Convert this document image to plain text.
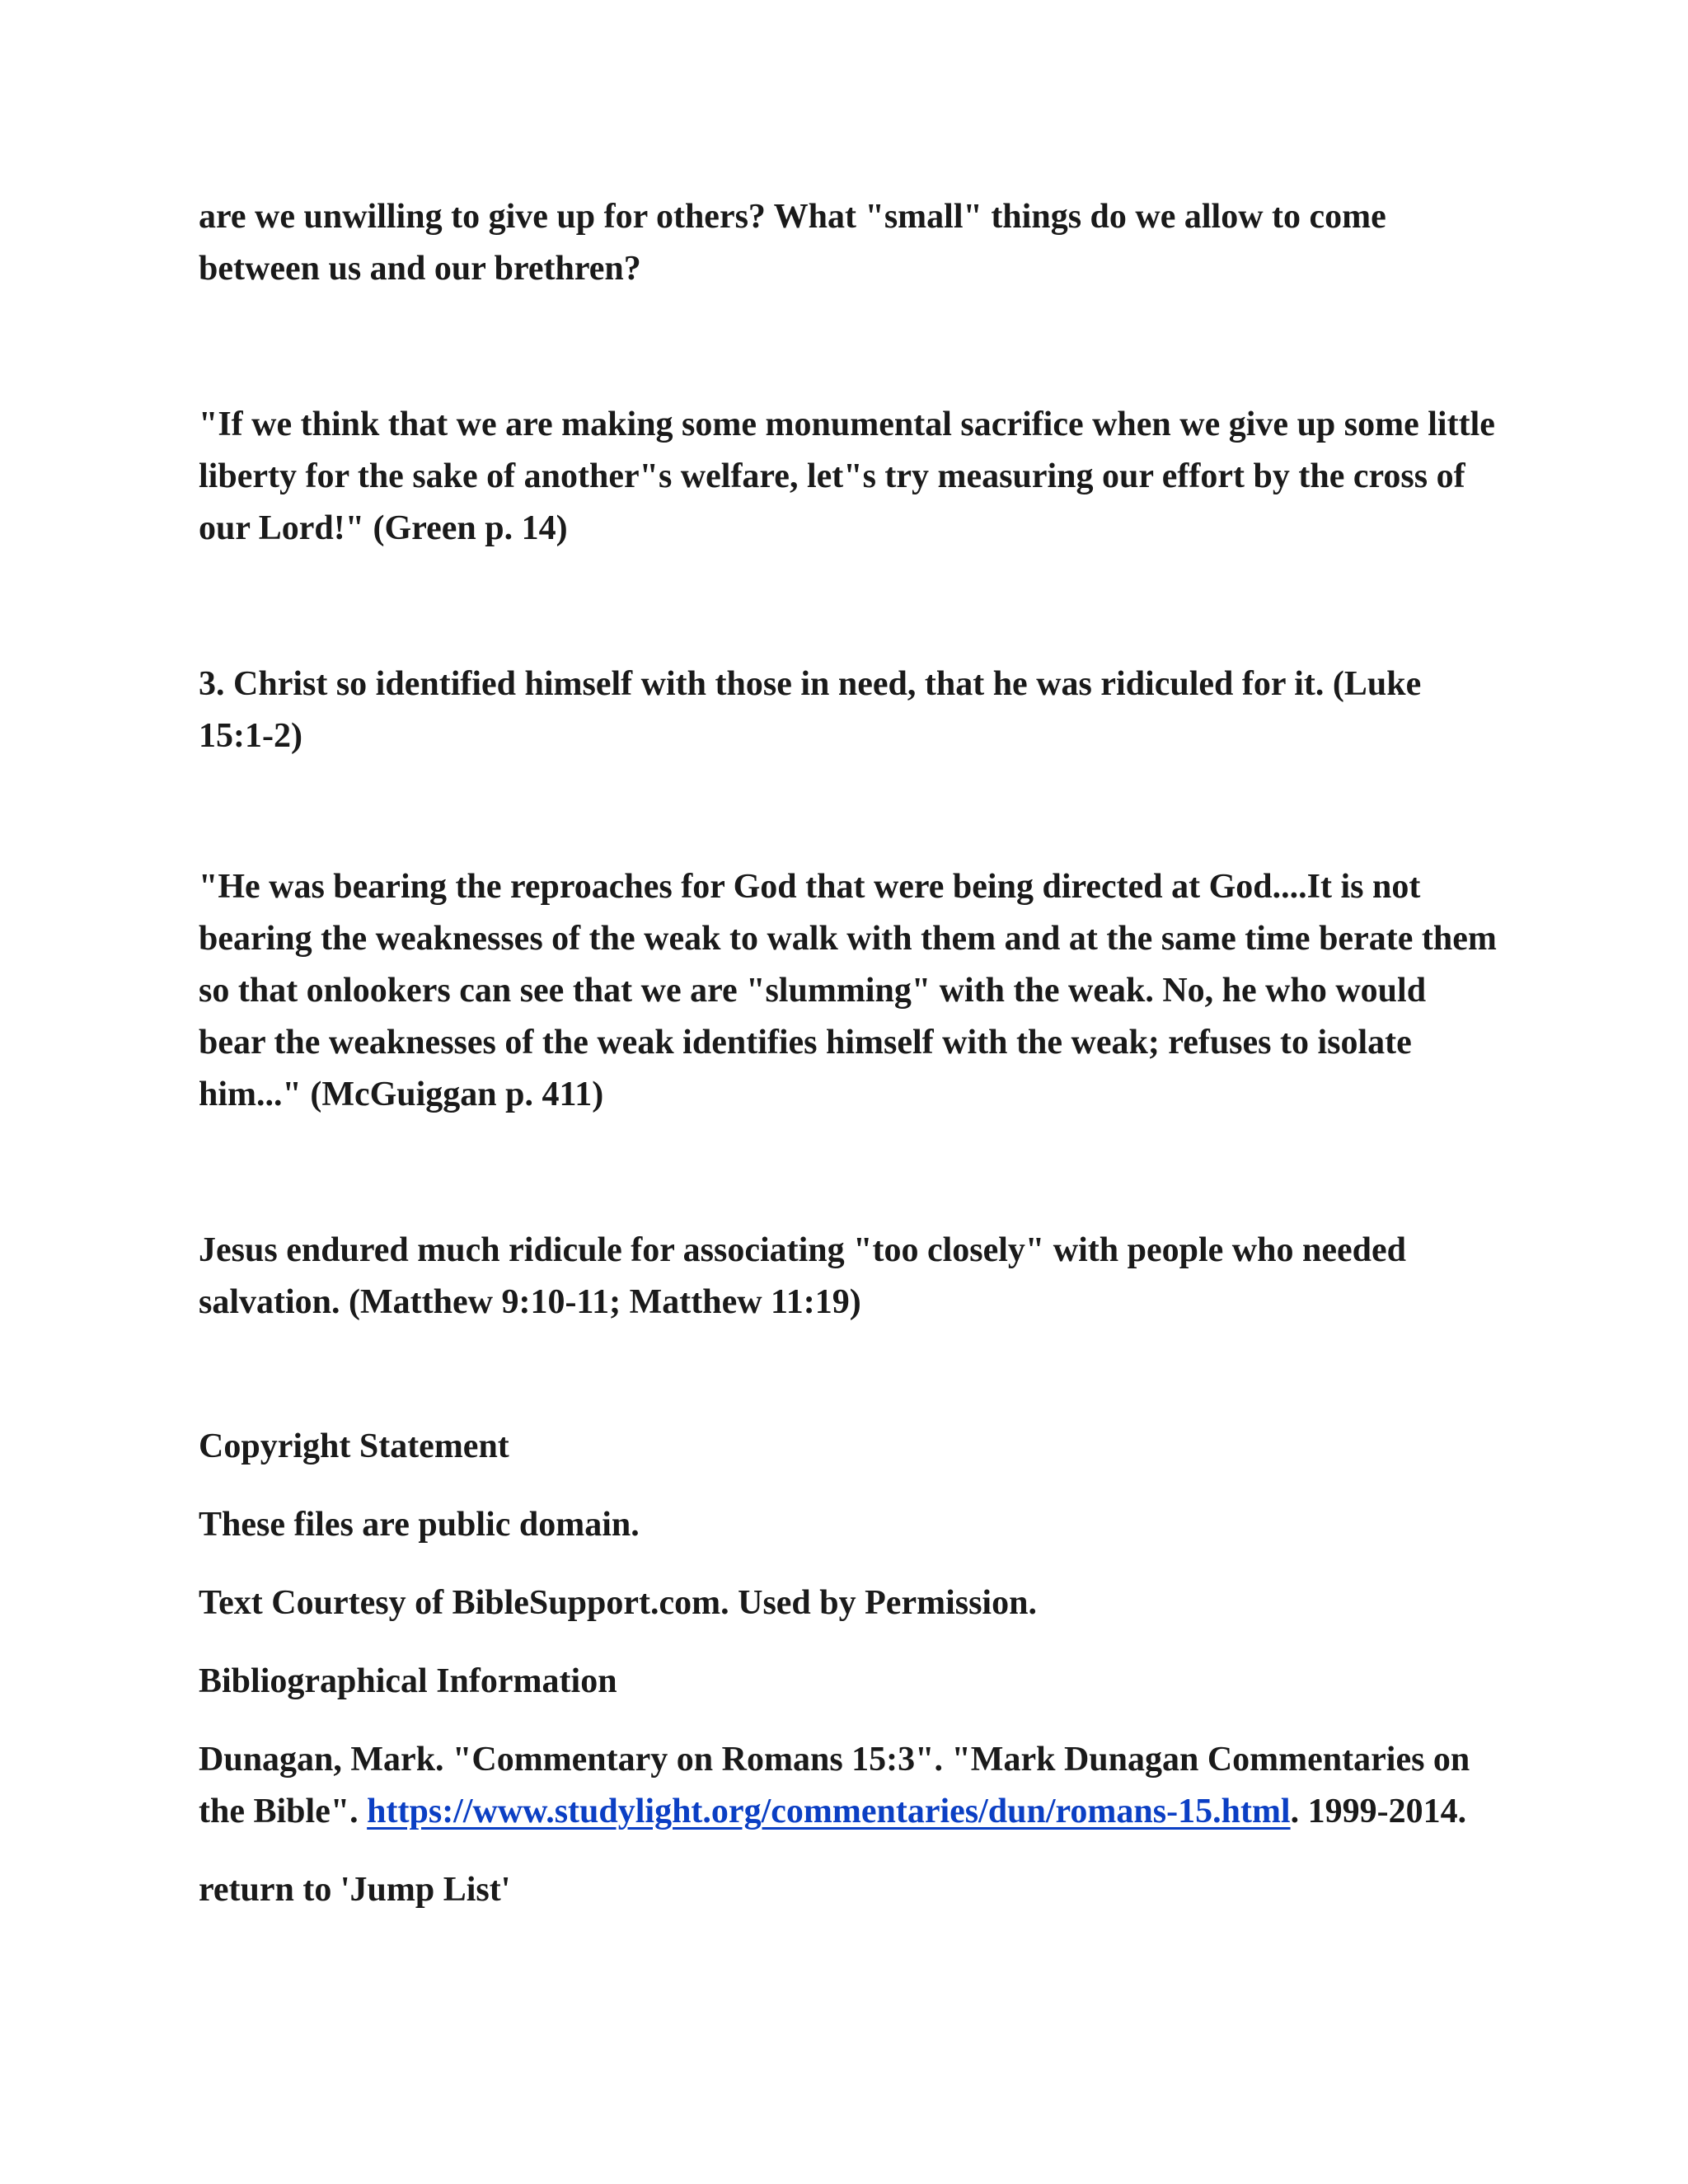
are we unwilling to give up for others? What "small" things do we allow to come between us and our brethren?

"If we think that we are making some monumental sacrifice when we give up some little liberty for the sake of another"s welfare, let"s try measuring our effort by the cross of our Lord!" (Green p. 14)

3. Christ so identified himself with those in need, that he was ridiculed for it. (Luke 15:1-2)

"He was bearing the reproaches for God that were being directed at God....It is not bearing the weaknesses of the weak to walk with them and at the same time berate them so that onlookers can see that we are "slumming" with the weak. No, he who would bear the weaknesses of the weak identifies himself with the weak; refuses to isolate him..." (McGuiggan p. 411)

Jesus endured much ridicule for associating "too closely" with people who needed salvation. (Matthew 9:10-11; Matthew 11:19)

Copyright Statement

These files are public domain.

Text Courtesy of BibleSupport.com. Used by Permission.

Bibliographical Information

Dunagan, Mark. "Commentary on Romans 15:3". "Mark Dunagan Commentaries on the Bible". https://www.studylight.org/commentaries/dun/romans-15.html. 1999-2014.

return to 'Jump List'
